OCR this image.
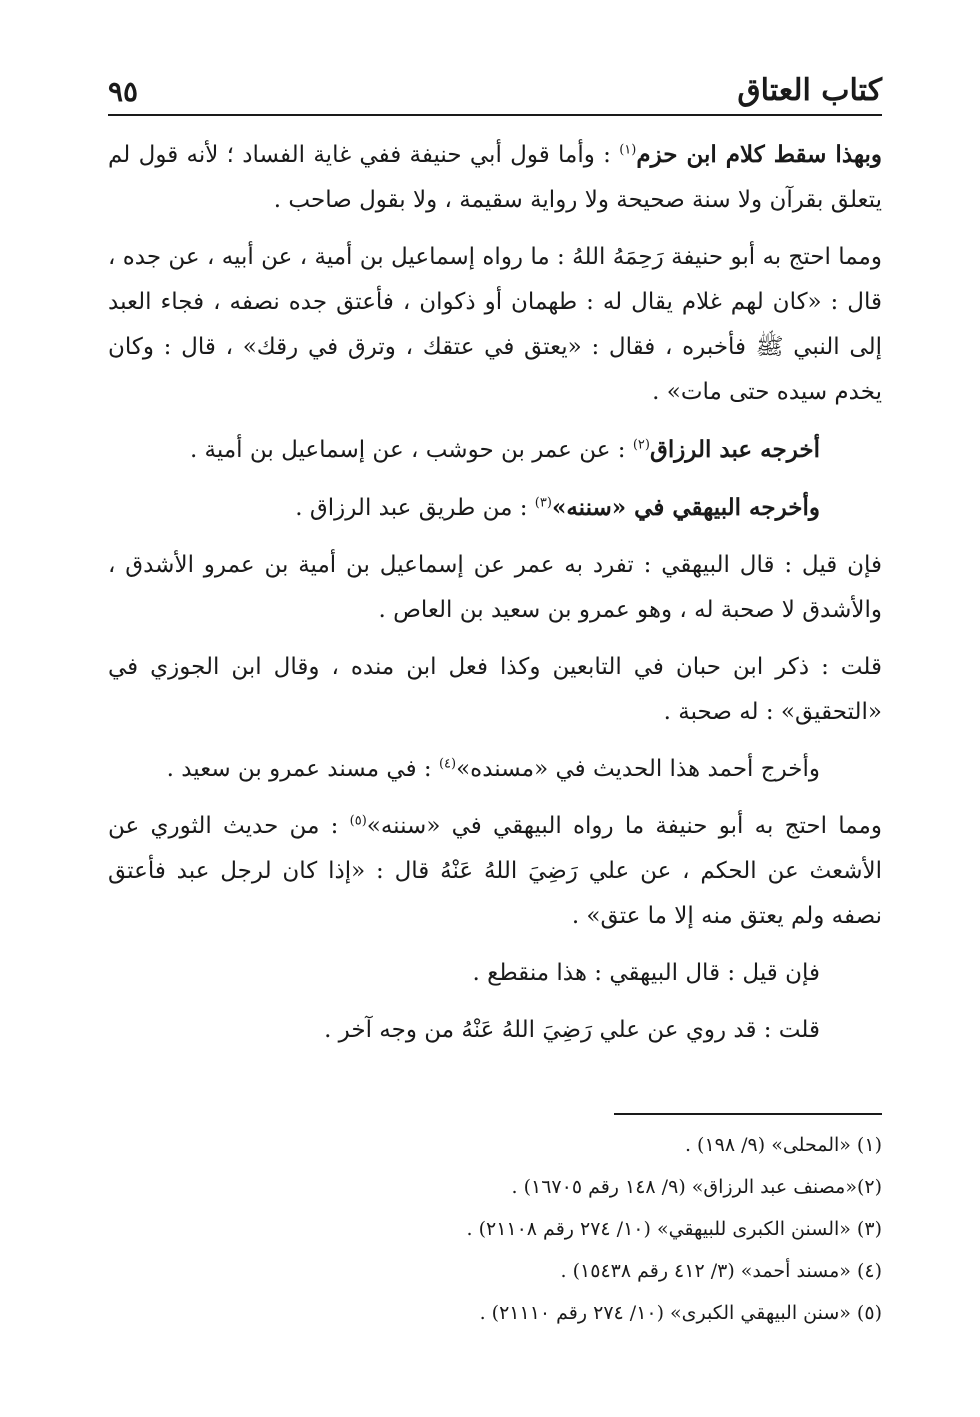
كتاب العتاق
٩٥

وبهذا سقط كلام ابن حزم$^{(١)}$ : وأما قول أبي حنيفة ففي غاية الفساد ؛ لأنه قول لم يتعلق بقرآن ولا سنة صحيحة ولا رواية سقيمة ، ولا بقول صاحب .

ومما احتج به أبو حنيفة رَحِمَهُ اللهُ : ما رواه إسماعيل بن أمية ، عن أبيه ، عن جده ، قال : «كان لهم غلام يقال له : طهمان أو ذكوان ، فأعتق جده نصفه ، فجاء العبد إلى النبي ﷺ فأخبره ، فقال : «يعتق في عتقك ، وترق في رقك» ، قال : وكان يخدم سيده حتى مات» .

أخرجه عبد الرزاق$^{(٢)}$ : عن عمر بن حوشب ، عن إسماعيل بن أمية .

وأخرجه البيهقي في «سننه»$^{(٣)}$ : من طريق عبد الرزاق .

فإن قيل : قال البيهقي : تفرد به عمر عن إسماعيل بن أمية بن عمرو الأشدق ، والأشدق لا صحبة له ، وهو عمرو بن سعيد بن العاص .

قلت : ذكر ابن حبان في التابعين وكذا فعل ابن منده ، وقال ابن الجوزي في «التحقيق» : له صحبة .

وأخرج أحمد هذا الحديث في «مسنده»$^{(٤)}$ : في مسند عمرو بن سعيد .

ومما احتج به أبو حنيفة ما رواه البيهقي في «سننه»$^{(٥)}$ : من حديث الثوري عن الأشعث عن الحكم ، عن علي رَضِيَ اللهُ عَنْهُ قال : «إذا كان لرجل عبد فأعتق نصفه ولم يعتق منه إلا ما عتق» .

فإن قيل : قال البيهقي : هذا منقطع .

قلت : قد روي عن علي رَضِيَ اللهُ عَنْهُ من وجه آخر .

(١) «المحلى» (٩/ ١٩٨) .
(٢)«مصنف عبد الرزاق» (٩/ ١٤٨ رقم ١٦٧٠٥) .
(٣) «السنن الكبرى للبيهقي» (١٠/ ٢٧٤ رقم ٢١١٠٨) .
(٤) «مسند أحمد» (٣/ ٤١٢ رقم ١٥٤٣٨) .
(٥) «سنن البيهقي الكبرى» (١٠/ ٢٧٤ رقم ٢١١١٠) .
